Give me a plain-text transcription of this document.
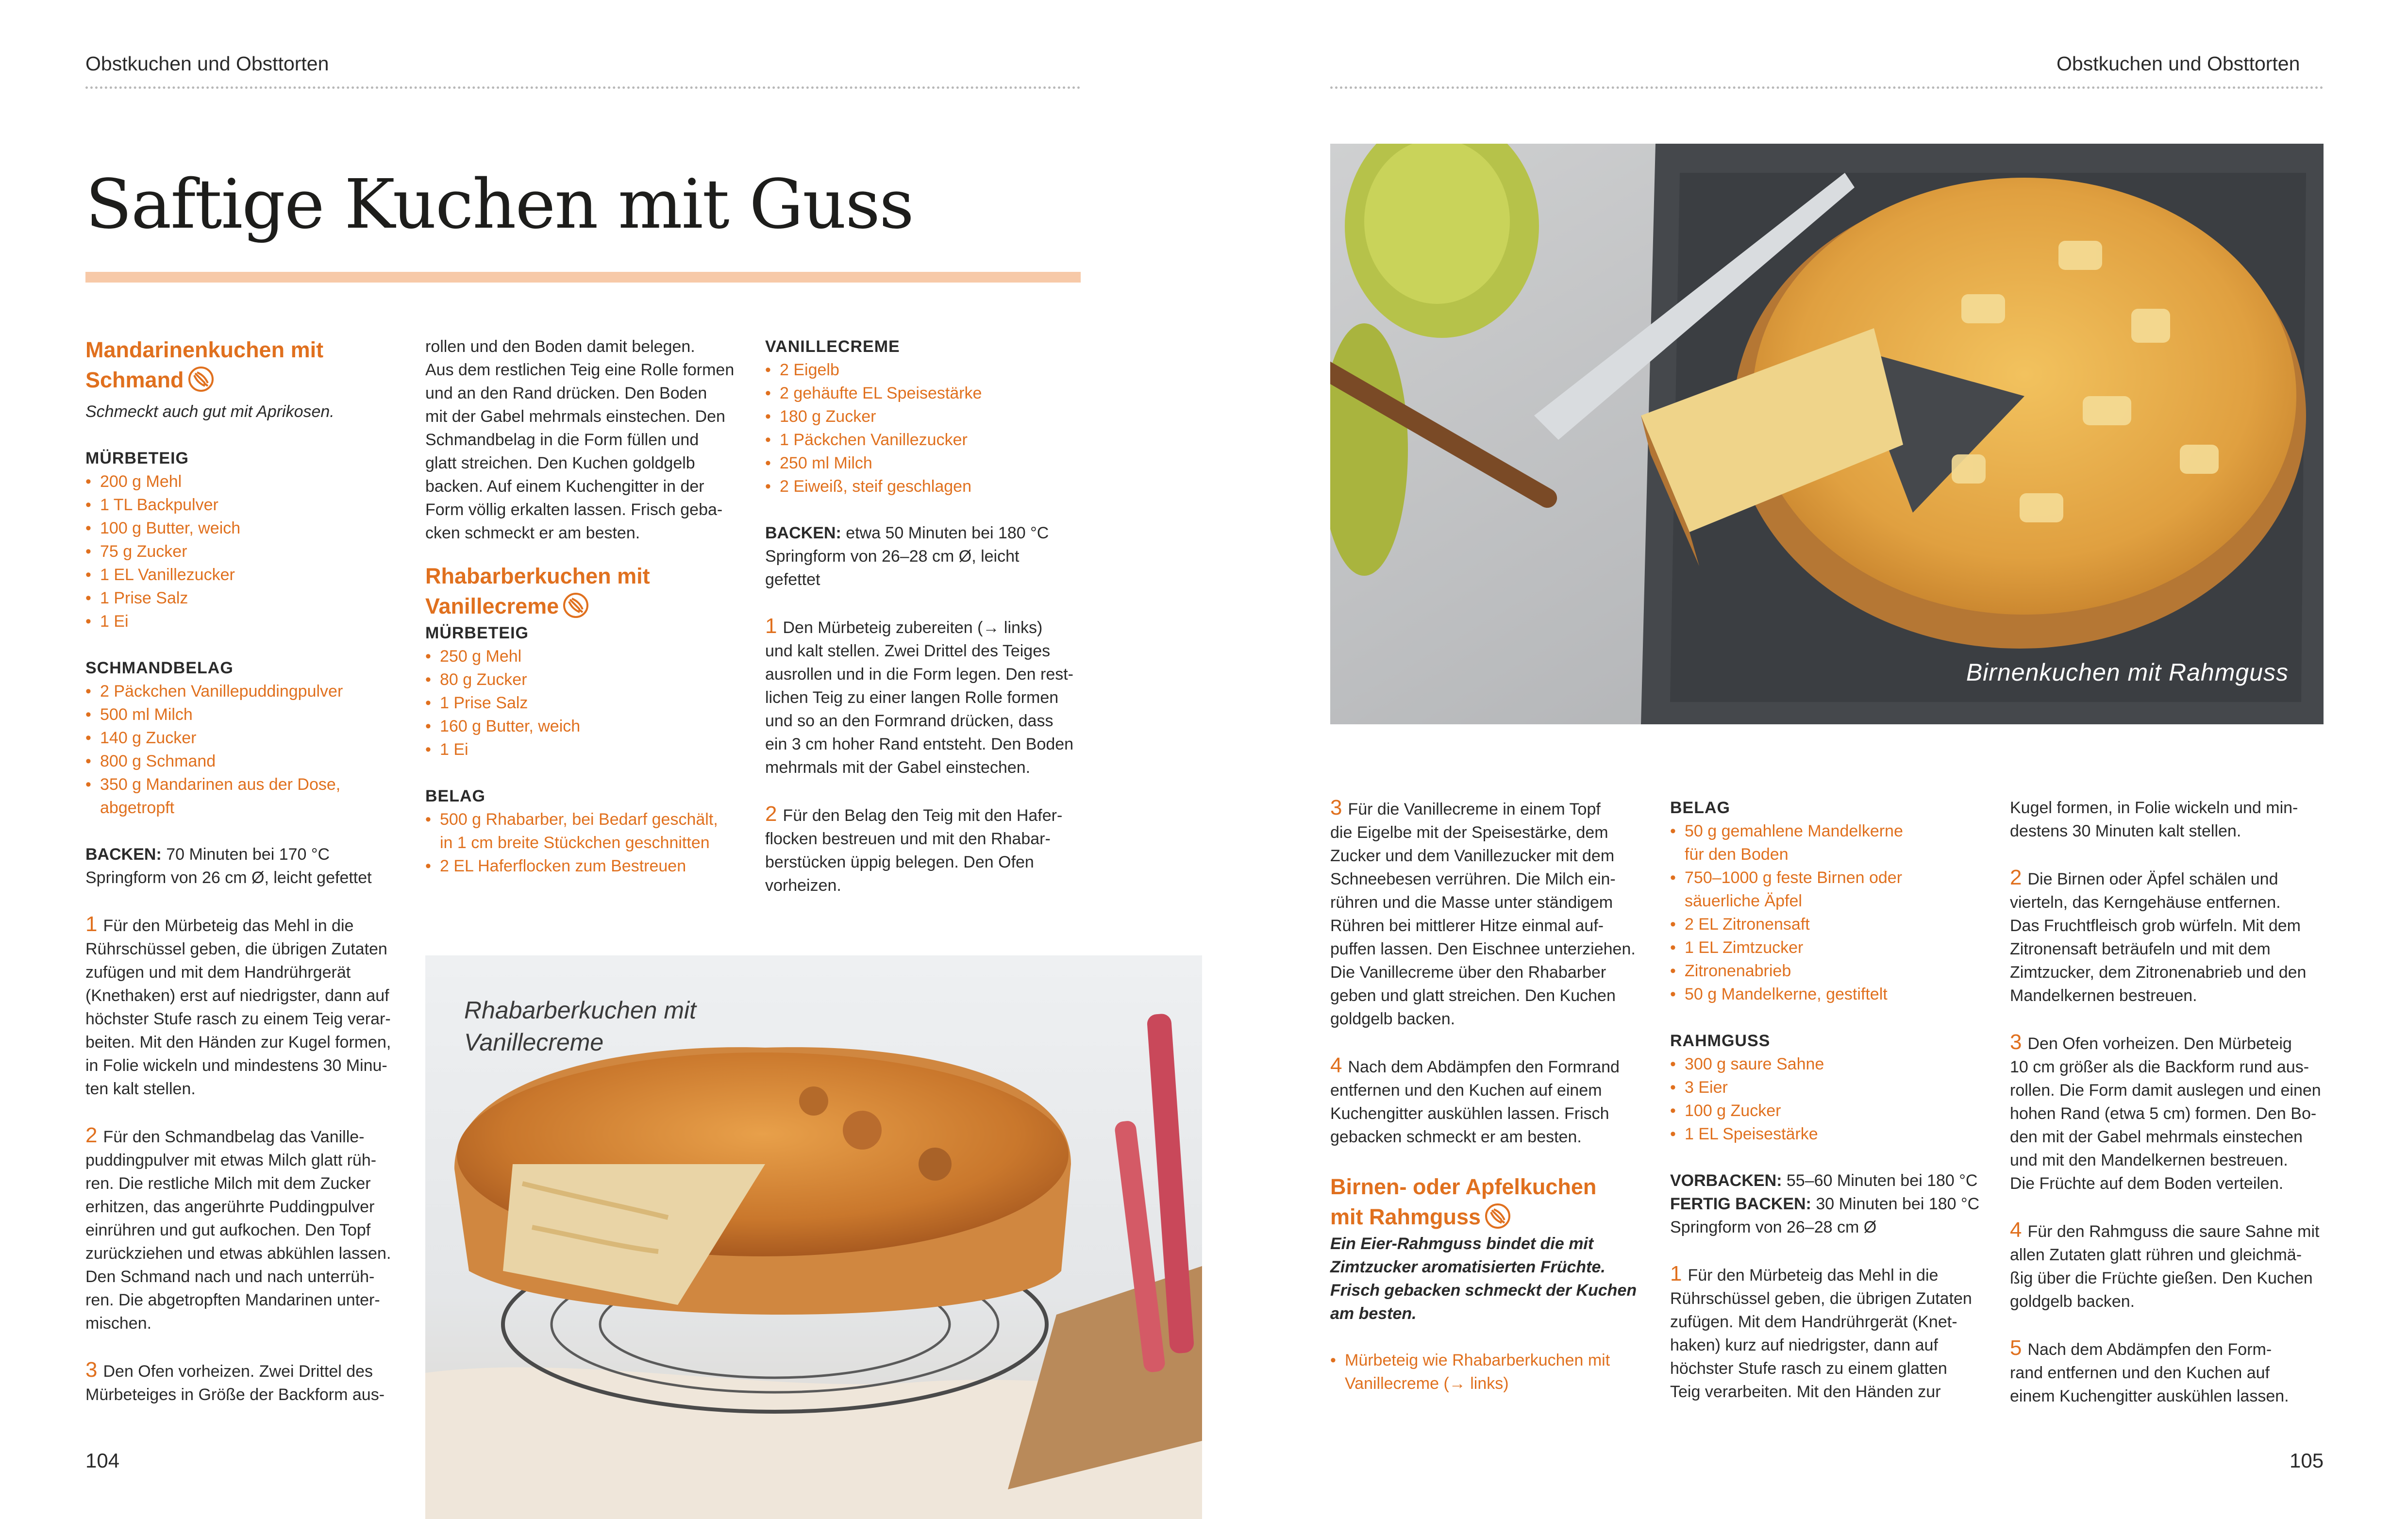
Obstkuchen und Obsttorten
Saftige Kuchen mit Guss
Mandarinenkuchen mit
Schmand

Schmeckt auch gut mit Aprikosen.

MÜRBETEIG

• 200 g Mehl
• 1 TL Backpulver
• 100 g Butter, weich
• 75 g Zucker
• 1 EL Vanillezucker
• 1 Prise Salz
• 1 Ei

SCHMANDBELAG

• 2 Päckchen Vanillepuddingpulver
• 500 ml Milch
• 140 g Zucker
• 800 g Schmand
• 350 g Mandarinen aus der Dose,
abgetropft

BACKEN: 70 Minuten bei 170 °C

Springform von 26 cm Ø, leicht gefettet

1 Für den Mürbeteig das Mehl in die
Rührschüssel geben, die übrigen Zutaten
zufügen und mit dem Handrührgerät
(Knethaken) erst auf niedrigster, dann auf
höchster Stufe rasch zu einem Teig verar-
beiten. Mit den Händen zur Kugel formen,
in Folie wickeln und mindestens 30 Minu-
ten kalt stellen.
2 Für den Schmandbelag das Vanille-
puddingpulver mit etwas Milch glatt rüh-
ren. Die restliche Milch mit dem Zucker
erhitzen, das angerührte Puddingpulver
einrühren und gut aufkochen. Den Topf
zurückziehen und etwas abkühlen lassen.
Den Schmand nach und nach unterrüh-
ren. Die abgetropften Mandarinen unter-
mischen.
3 Den Ofen vorheizen. Zwei Drittel des
Mürbeteiges in Größe der Backform aus-
rollen und den Boden damit belegen.
Aus dem restlichen Teig eine Rolle formen
und an den Rand drücken. Den Boden
mit der Gabel mehrmals einstechen. Den
Schmandbelag in die Form füllen und
glatt streichen. Den Kuchen goldgelb
backen. Auf einem Kuchengitter in der
Form völlig erkalten lassen. Frisch geba-
cken schmeckt er am besten.
Rhabarberkuchen mit
Vanillecreme

MÜRBETEIG

• 250 g Mehl
• 80 g Zucker
• 1 Prise Salz
• 160 g Butter, weich
• 1 Ei

BELAG

• 500 g Rhabarber, bei Bedarf geschält,
in 1 cm breite Stückchen geschnitten
• 2 EL Haferflocken zum Bestreuen

VANILLECREME

• 2 Eigelb
• 2 gehäufte EL Speisestärke
• 180 g Zucker
• 1 Päckchen Vanillezucker
• 250 ml Milch
• 2 Eiweiß, steif geschlagen

BACKEN: etwa 50 Minuten bei 180 °C

Springform von 26–28 cm Ø, leicht
gefettet
1 Den Mürbeteig zubereiten (→ links)
und kalt stellen. Zwei Drittel des Teiges
ausrollen und in die Form legen. Den rest-
lichen Teig zu einer langen Rolle formen
und so an den Formrand drücken, dass
ein 3 cm hoher Rand entsteht. Den Boden
mehrmals mit der Gabel einstechen.
2 Für den Belag den Teig mit den Hafer-
flocken bestreuen und mit den Rhabar-
berstücken üppig belegen. Den Ofen
vorheizen.
Rhabarberkuchen mit
Vanillecreme
104
Obstkuchen und Obsttorten
Birnenkuchen mit Rahmguss
3 Für die Vanillecreme in einem Topf
die Eigelbe mit der Speisestärke, dem
Zucker und dem Vanillezucker mit dem
Schneebesen verrühren. Die Milch ein-
rühren und die Masse unter ständigem
Rühren bei mittlerer Hitze einmal auf-
puffen lassen. Den Eischnee unterziehen.
Die Vanillecreme über den Rhabarber
geben und glatt streichen. Den Kuchen
goldgelb backen.
4 Nach dem Abdämpfen den Formrand
entfernen und den Kuchen auf einem
Kuchengitter auskühlen lassen. Frisch
gebacken schmeckt er am besten.
Birnen- oder Apfelkuchen
mit Rahmguss
Ein Eier-Rahmguss bindet die mit
Zimtzucker aromatisierten Früchte.
Frisch gebacken schmeckt der Kuchen
am besten.
• Mürbeteig wie Rhabarberkuchen mit
Vanillecreme (→ links)

BELAG

• 50 g gemahlene Mandelkerne
für den Boden
• 750–1000 g feste Birnen oder
säuerliche Äpfel
• 2 EL Zitronensaft
• 1 EL Zimtzucker
• Zitronenabrieb
• 50 g Mandelkerne, gestiftelt

RAHMGUSS

• 300 g saure Sahne
• 3 Eier
• 100 g Zucker
• 1 EL Speisestärke

VORBACKEN: 55–60 Minuten bei 180 °C

FERTIG BACKEN: 30 Minuten bei 180 °C

Springform von 26–28 cm Ø

1 Für den Mürbeteig das Mehl in die
Rührschüssel geben, die übrigen Zutaten
zufügen. Mit dem Handrührgerät (Knet-
haken) kurz auf niedrigster, dann auf
höchster Stufe rasch zu einem glatten
Teig verarbeiten. Mit den Händen zur
Kugel formen, in Folie wickeln und min-
destens 30 Minuten kalt stellen.
2 Die Birnen oder Äpfel schälen und
vierteln, das Kerngehäuse entfernen.
Das Fruchtfleisch grob würfeln. Mit dem
Zitronensaft beträufeln und mit dem
Zimtzucker, dem Zitronenabrieb und den
Mandelkernen bestreuen.
3 Den Ofen vorheizen. Den Mürbeteig
10 cm größer als die Backform rund aus-
rollen. Die Form damit auslegen und einen
hohen Rand (etwa 5 cm) formen. Den Bo-
den mit der Gabel mehrmals einstechen
und mit den Mandelkernen bestreuen.
Die Früchte auf dem Boden verteilen.
4 Für den Rahmguss die saure Sahne mit
allen Zutaten glatt rühren und gleichmä-
ßig über die Früchte gießen. Den Kuchen
goldgelb backen.
5 Nach dem Abdämpfen den Form-
rand entfernen und den Kuchen auf
einem Kuchengitter auskühlen lassen.
105
